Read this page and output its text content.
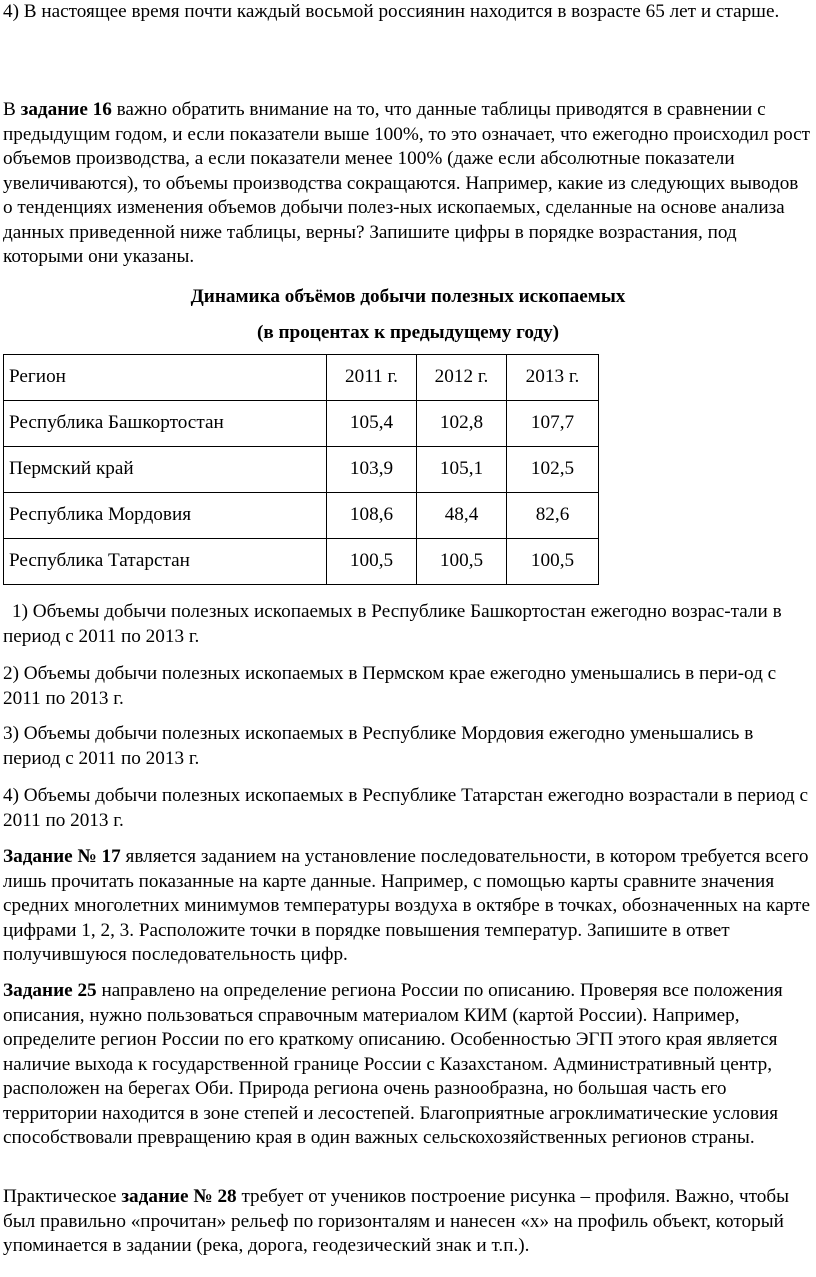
4) В настоящее время почти каждый восьмой россиянин находится в возрасте 65 лет и старше.

В задание 16 важно обратить внимание на то, что данные таблицы приводятся в сравнении с предыдущим годом, и если показатели выше 100%, то это означает, что ежегодно происходил рост объемов производства, а если показатели менее 100% (даже если абсолютные показатели увеличиваются), то объемы производства сокращаются. Например, какие из следующих выводов о тенденциях изменения объемов добычи полез-ных ископаемых, сделанные на основе анализа данных приведенной ниже таблицы, верны? Запишите цифры в порядке возрастания, под которыми они указаны.

Динамика объёмов добычи полезных ископаемых

(в процентах к предыдущему году)

Регион	2011 г.	2012 г.	2013 г.
Республика Башкортостан	105,4	102,8	107,7
Пермский край	103,9	105,1	102,5
Республика Мордовия	108,6	48,4	82,6
Республика Татарстан	100,5	100,5	100,5

1) Объемы добычи полезных ископаемых в Республике Башкортостан ежегодно возрас-тали в период с 2011 по 2013 г.

2) Объемы добычи полезных ископаемых в Пермском крае ежегодно уменьшались в пери-од с 2011 по 2013 г.

3) Объемы добычи полезных ископаемых в Республике Мордовия ежегодно уменьшались в период с 2011 по 2013 г.

4) Объемы добычи полезных ископаемых в Республике Татарстан ежегодно возрастали в период с 2011 по 2013 г.

Задание № 17 является заданием на установление последовательности, в котором требуется всего лишь прочитать показанные на карте данные. Например, с помощью карты сравните значения средних многолетних минимумов температуры воздуха в октябре в точках, обозначенных на карте цифрами 1, 2, 3. Расположите точки в порядке повышения температур. Запишите в ответ получившуюся последовательность цифр.

Задание 25 направлено на определение региона России по описанию. Проверяя все положения описания, нужно пользоваться справочным материалом КИМ (картой России). Например, определите регион России по его краткому описанию. Особенностью ЭГП этого края является наличие выхода к государственной границе России с Казахстаном. Административный центр, расположен на берегах Оби. Природа региона очень разнообразна, но большая часть его территории находится в зоне степей и лесостепей. Благоприятные агроклиматические условия способствовали превращению края в один важных сельскохозяйственных регионов страны.

Практическое задание № 28 требует от учеников построение рисунка – профиля. Важно, чтобы был правильно «прочитан» рельеф по горизонталям и нанесен «х» на профиль объект, который упоминается в задании (река, дорога, геодезический знак и т.п.).
